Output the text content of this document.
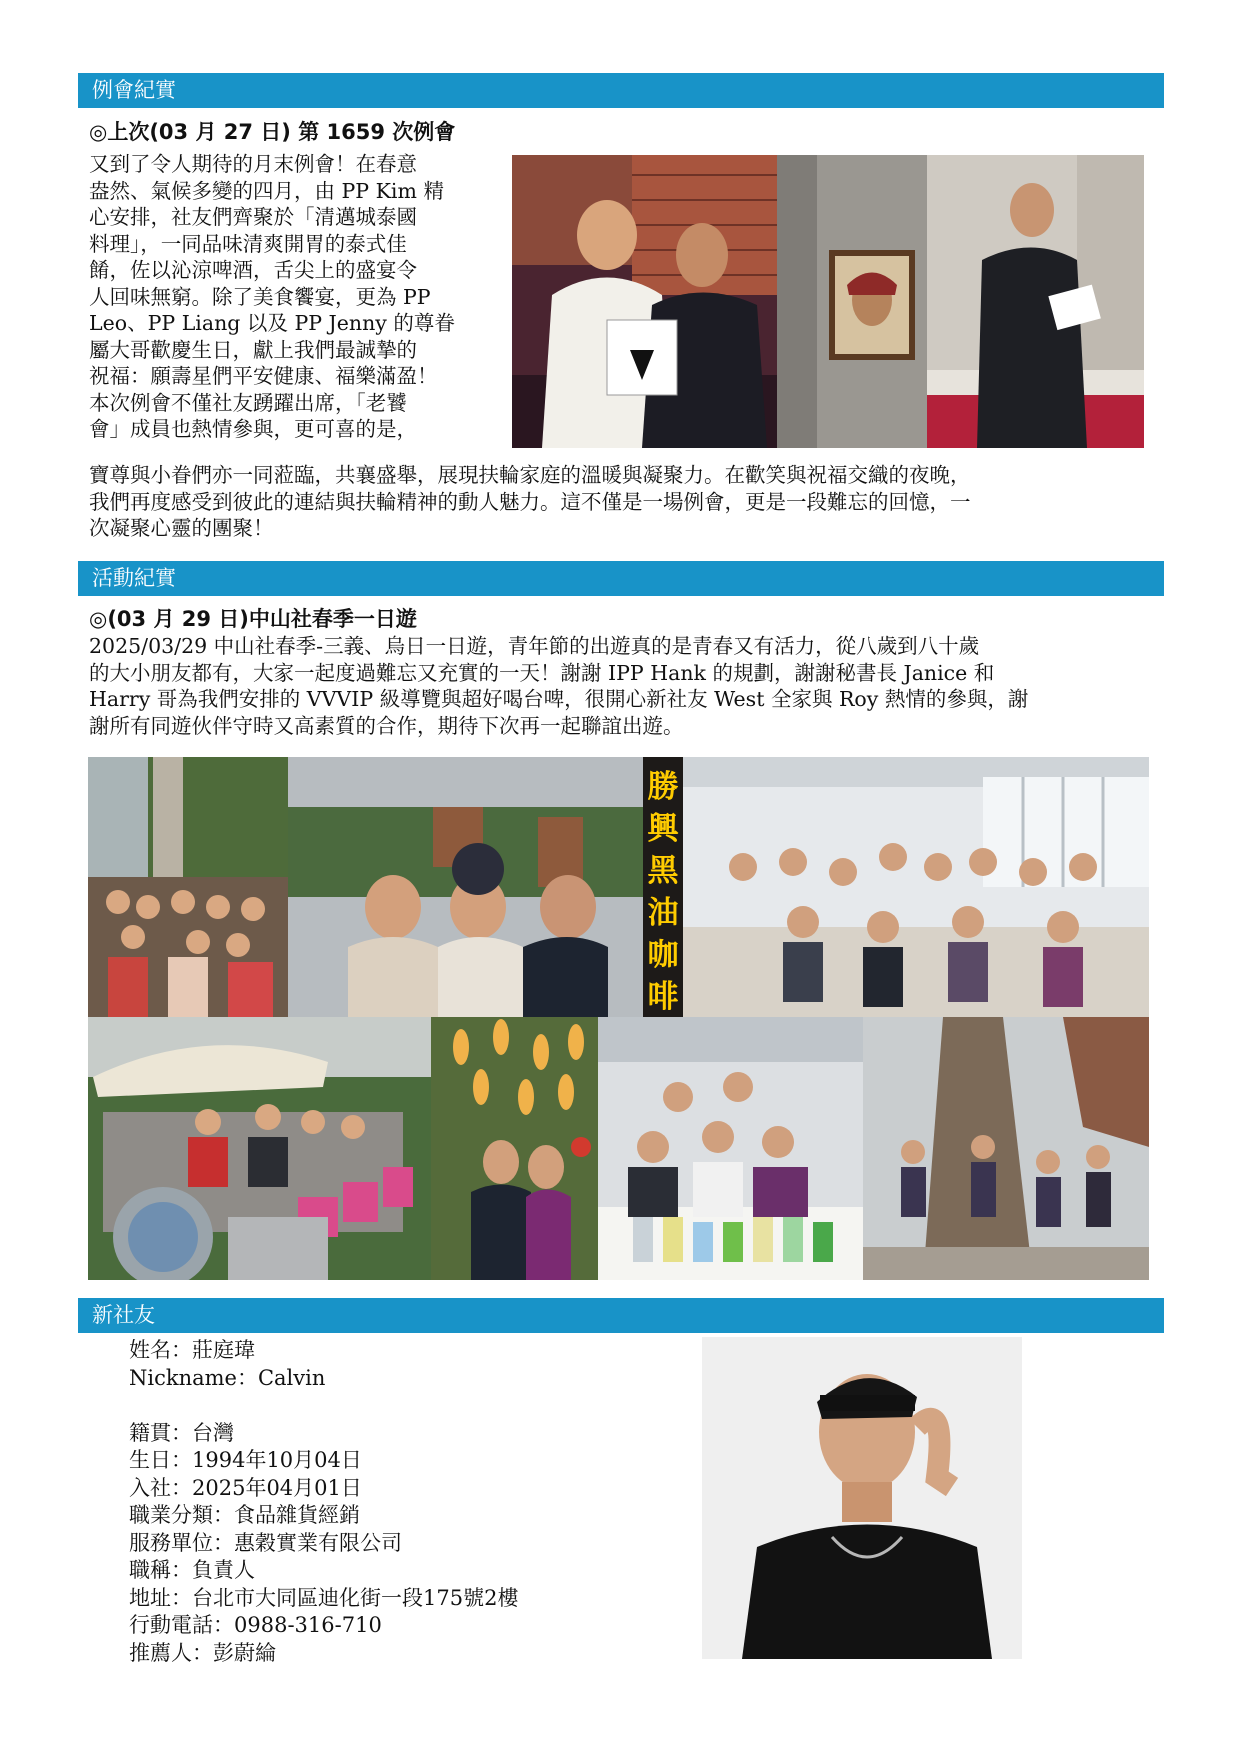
例會紀實
◎上次(03 月 27 日) 第 1659 次例會
又到了令人期待的月末例會！在春意
盎然、氣候多變的四月，由 PP Kim 精
心安排，社友們齊聚於「清邁城泰國
料理」，一同品味清爽開胃的泰式佳
餚，佐以沁涼啤酒，舌尖上的盛宴令
人回味無窮。除了美食饗宴，更為 PP
Leo、PP Liang 以及 PP Jenny 的尊眷
屬大哥歡慶生日，獻上我們最誠摯的
祝福：願壽星們平安健康、福樂滿盈！
本次例會不僅社友踴躍出席，「老饕
會」成員也熱情參與，更可喜的是，
寶尊與小眷們亦一同蒞臨，共襄盛舉，展現扶輪家庭的溫暖與凝聚力。在歡笑與祝福交織的夜晚，
我們再度感受到彼此的連結與扶輪精神的動人魅力。這不僅是一場例會，更是一段難忘的回憶，一
次凝聚心靈的團聚！
活動紀實
◎(03 月 29 日)中山社春季一日遊
2025/03/29 中山社春季-三義、烏日一日遊，青年節的出遊真的是青春又有活力，從八歲到八十歲
的大小朋友都有，大家一起度過難忘又充實的一天！謝謝 IPP Hank 的規劃，謝謝秘書長 Janice 和
Harry 哥為我們安排的 VVVIP 級導覽與超好喝台啤，很開心新社友 West 全家與 Roy 熱情的參與，謝
謝所有同遊伙伴守時又高素質的合作，期待下次再一起聯誼出遊。
勝
興
黑
油
咖
啡
新社友
姓名：莊庭瑋
Nickname：Calvin

籍貫：台灣
生日：1994年10月04日
入社：2025年04月01日
職業分類：食品雜貨經銷
服務單位：惠穀實業有限公司
職稱：負責人
地址：台北市大同區迪化街一段175號2樓
行動電話：0988-316-710
推薦人：彭蔚綸
